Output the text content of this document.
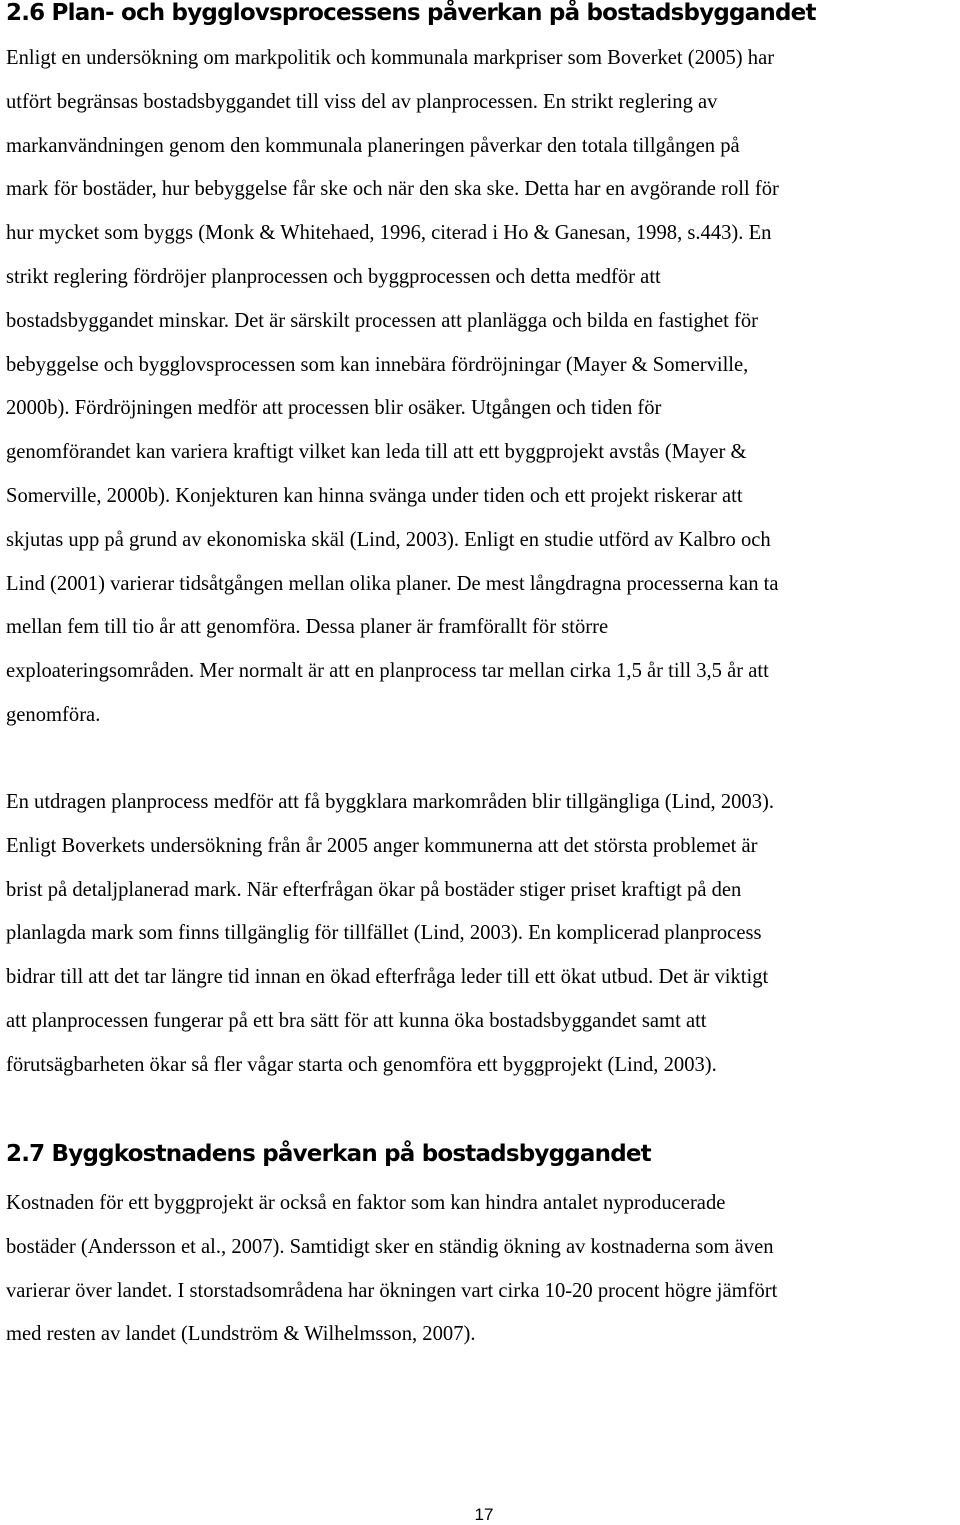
2.6 Plan- och bygglovsprocessens påverkan på bostadsbyggandet
Enligt en undersökning om markpolitik och kommunala markpriser som Boverket (2005) har
utfört begränsas bostadsbyggandet till viss del av planprocessen. En strikt reglering av
markanvändningen genom den kommunala planeringen påverkar den totala tillgången på
mark för bostäder, hur bebyggelse får ske och när den ska ske. Detta har en avgörande roll för
hur mycket som byggs (Monk & Whitehaed, 1996, citerad i Ho & Ganesan, 1998, s.443). En
strikt reglering fördröjer planprocessen och byggprocessen och detta medför att
bostadsbyggandet minskar. Det är särskilt processen att planlägga och bilda en fastighet för
bebyggelse och bygglovsprocessen som kan innebära fördröjningar (Mayer & Somerville,
2000b). Fördröjningen medför att processen blir osäker. Utgången och tiden för
genomförandet kan variera kraftigt vilket kan leda till att ett byggprojekt avstås (Mayer &
Somerville, 2000b). Konjekturen kan hinna svänga under tiden och ett projekt riskerar att
skjutas upp på grund av ekonomiska skäl (Lind, 2003). Enligt en studie utförd av Kalbro och
Lind (2001) varierar tidsåtgången mellan olika planer. De mest långdragna processerna kan ta
mellan fem till tio år att genomföra. Dessa planer är framförallt för större
exploateringsområden. Mer normalt är att en planprocess tar mellan cirka 1,5 år till 3,5 år att
genomföra.
En utdragen planprocess medför att få byggklara markområden blir tillgängliga (Lind, 2003).
Enligt Boverkets undersökning från år 2005 anger kommunerna att det största problemet är
brist på detaljplanerad mark. När efterfrågan ökar på bostäder stiger priset kraftigt på den
planlagda mark som finns tillgänglig för tillfället (Lind, 2003). En komplicerad planprocess
bidrar till att det tar längre tid innan en ökad efterfråga leder till ett ökat utbud. Det är viktigt
att planprocessen fungerar på ett bra sätt för att kunna öka bostadsbyggandet samt att
förutsägbarheten ökar så fler vågar starta och genomföra ett byggprojekt (Lind, 2003).
2.7 Byggkostnadens påverkan på bostadsbyggandet
Kostnaden för ett byggprojekt är också en faktor som kan hindra antalet nyproducerade
bostäder (Andersson et al., 2007). Samtidigt sker en ständig ökning av kostnaderna som även
varierar över landet. I storstadsområdena har ökningen vart cirka 10-20 procent högre jämfört
med resten av landet (Lundström & Wilhelmsson, 2007).
17
